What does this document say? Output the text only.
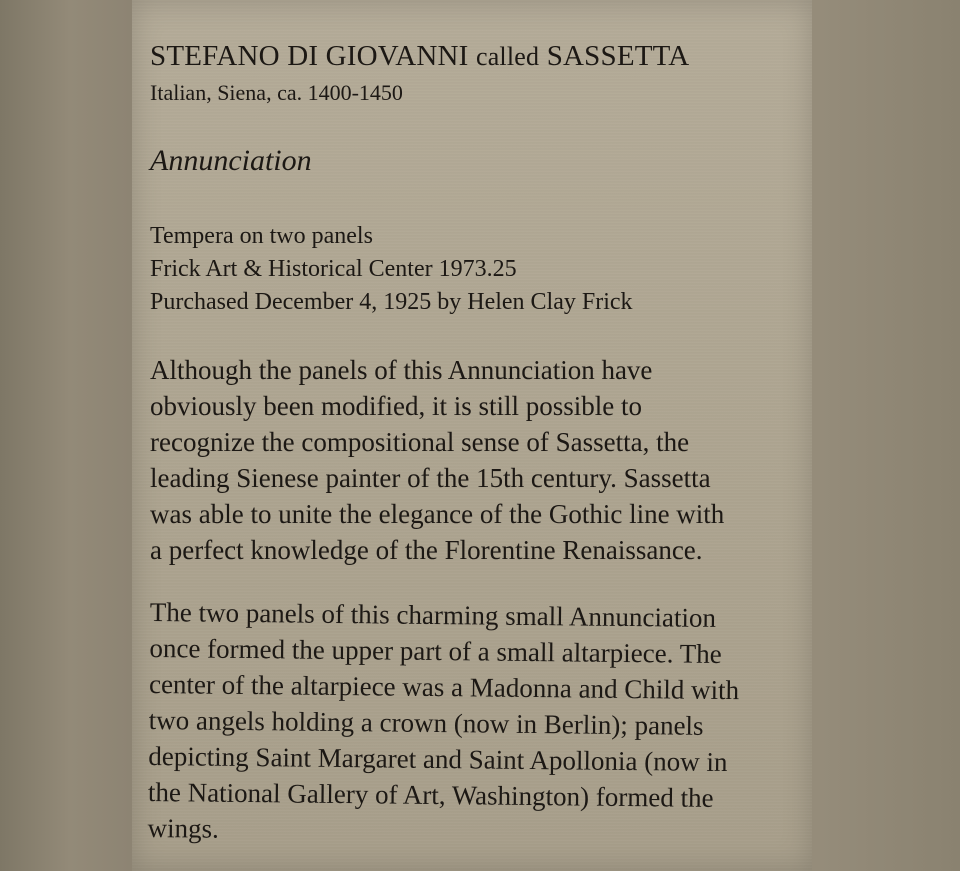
STEFANO DI GIOVANNI called SASSETTA
Italian, Siena, ca. 1400-1450
Annunciation
Tempera on two panels
Frick Art & Historical Center 1973.25
Purchased December 4, 1925 by Helen Clay Frick
Although the panels of this Annunciation have
obviously been modified, it is still possible to
recognize the compositional sense of Sassetta, the
leading Sienese painter of the 15th century. Sassetta
was able to unite the elegance of the Gothic line with
a perfect knowledge of the Florentine Renaissance.
The two panels of this charming small Annunciation
once formed the upper part of a small altarpiece. The
center of the altarpiece was a Madonna and Child with
two angels holding a crown (now in Berlin); panels
depicting Saint Margaret and Saint Apollonia (now in
the National Gallery of Art, Washington) formed the
wings.
